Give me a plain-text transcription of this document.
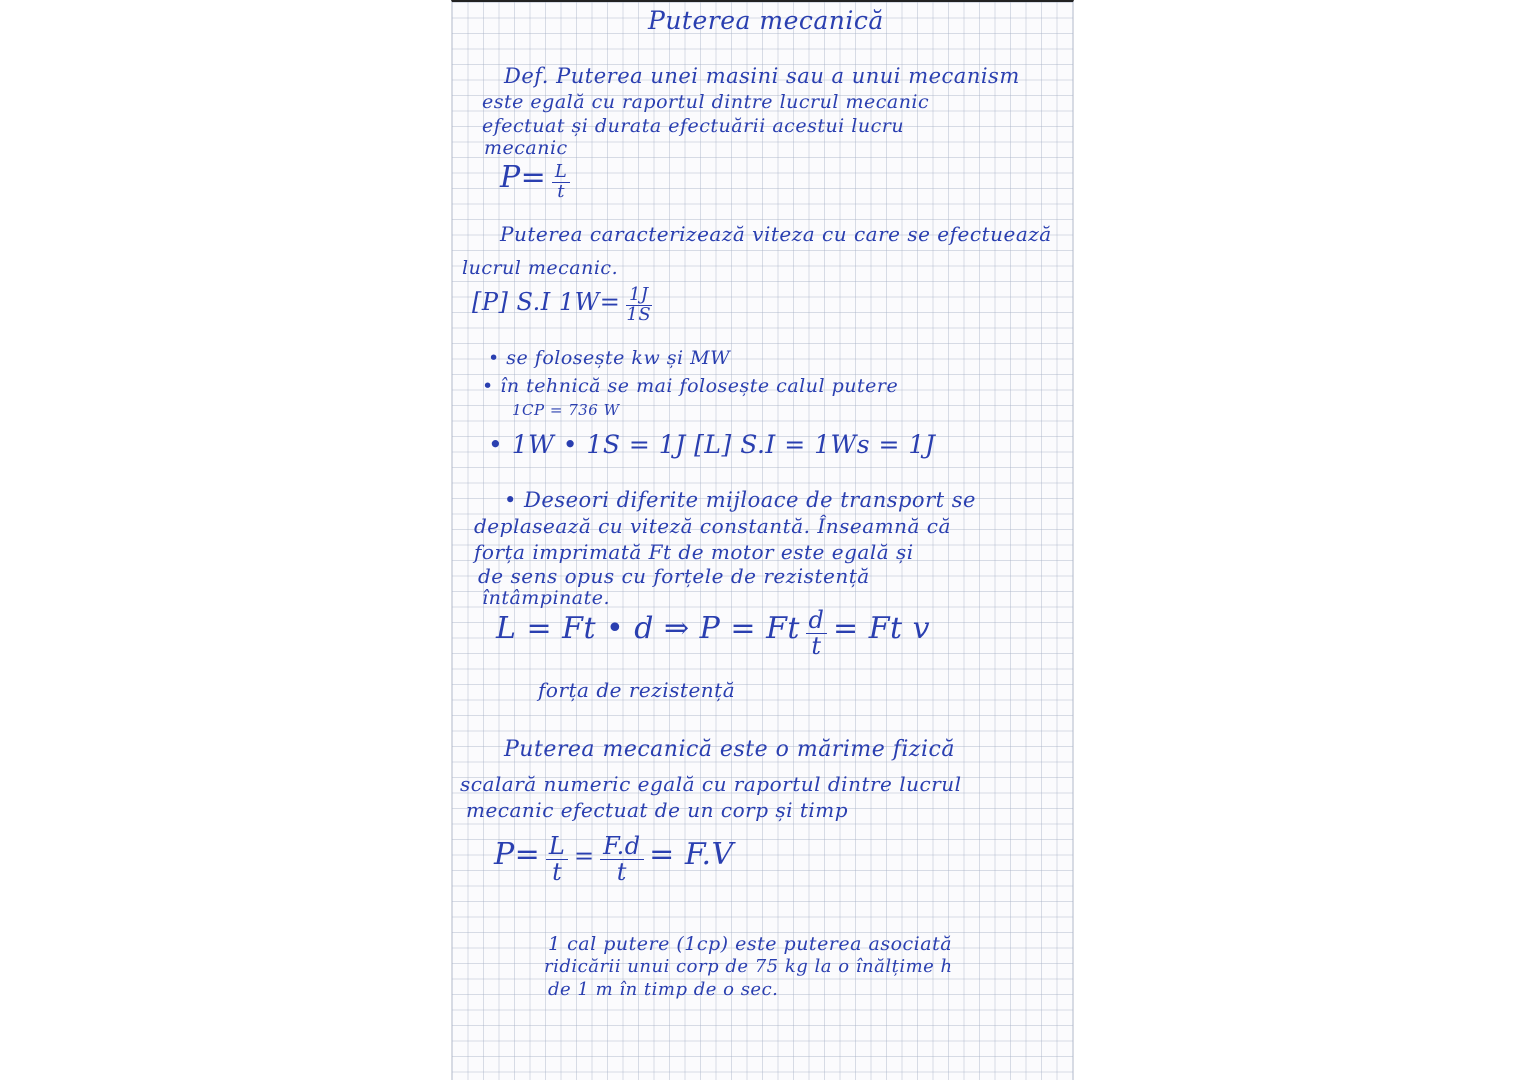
Puterea mecanică
Def. Puterea unei masini sau a unui mecanism
este egală cu raportul dintre lucrul mecanic
efectuat și durata efectuării acestui lucru
mecanic
$P= \frac{L}{t}$
Puterea caracterizează viteza cu care se efectuează
lucrul mecanic.
[P] S.I $1W= \frac{1J}{1S}$
• se folosește kw și MW
• în tehnică se mai folosește calul putere
1CP = 736 W
• 1W • 1S = 1J [L] S.I = 1Ws = 1J
• Deseori diferite mijloace de transport se
deplasează cu viteză constantă. Înseamnă că
forța imprimată Ft de motor este egală și
de sens opus cu forțele de rezistență
întâmpinate.
L = Ft • d ⇒ P = Ft $\frac{d}{t} = Ft$ v
forța de rezistență
Puterea mecanică este o mărime fizică
scalară numeric egală cu raportul dintre lucrul
mecanic efectuat de un corp și timp
$P= \frac{L}{t} = \frac{F.d}{t} = F.V$
1 cal putere (1cp) este puterea asociată
ridicării unui corp de 75 kg la o înălțime h
de 1 m în timp de o sec.
